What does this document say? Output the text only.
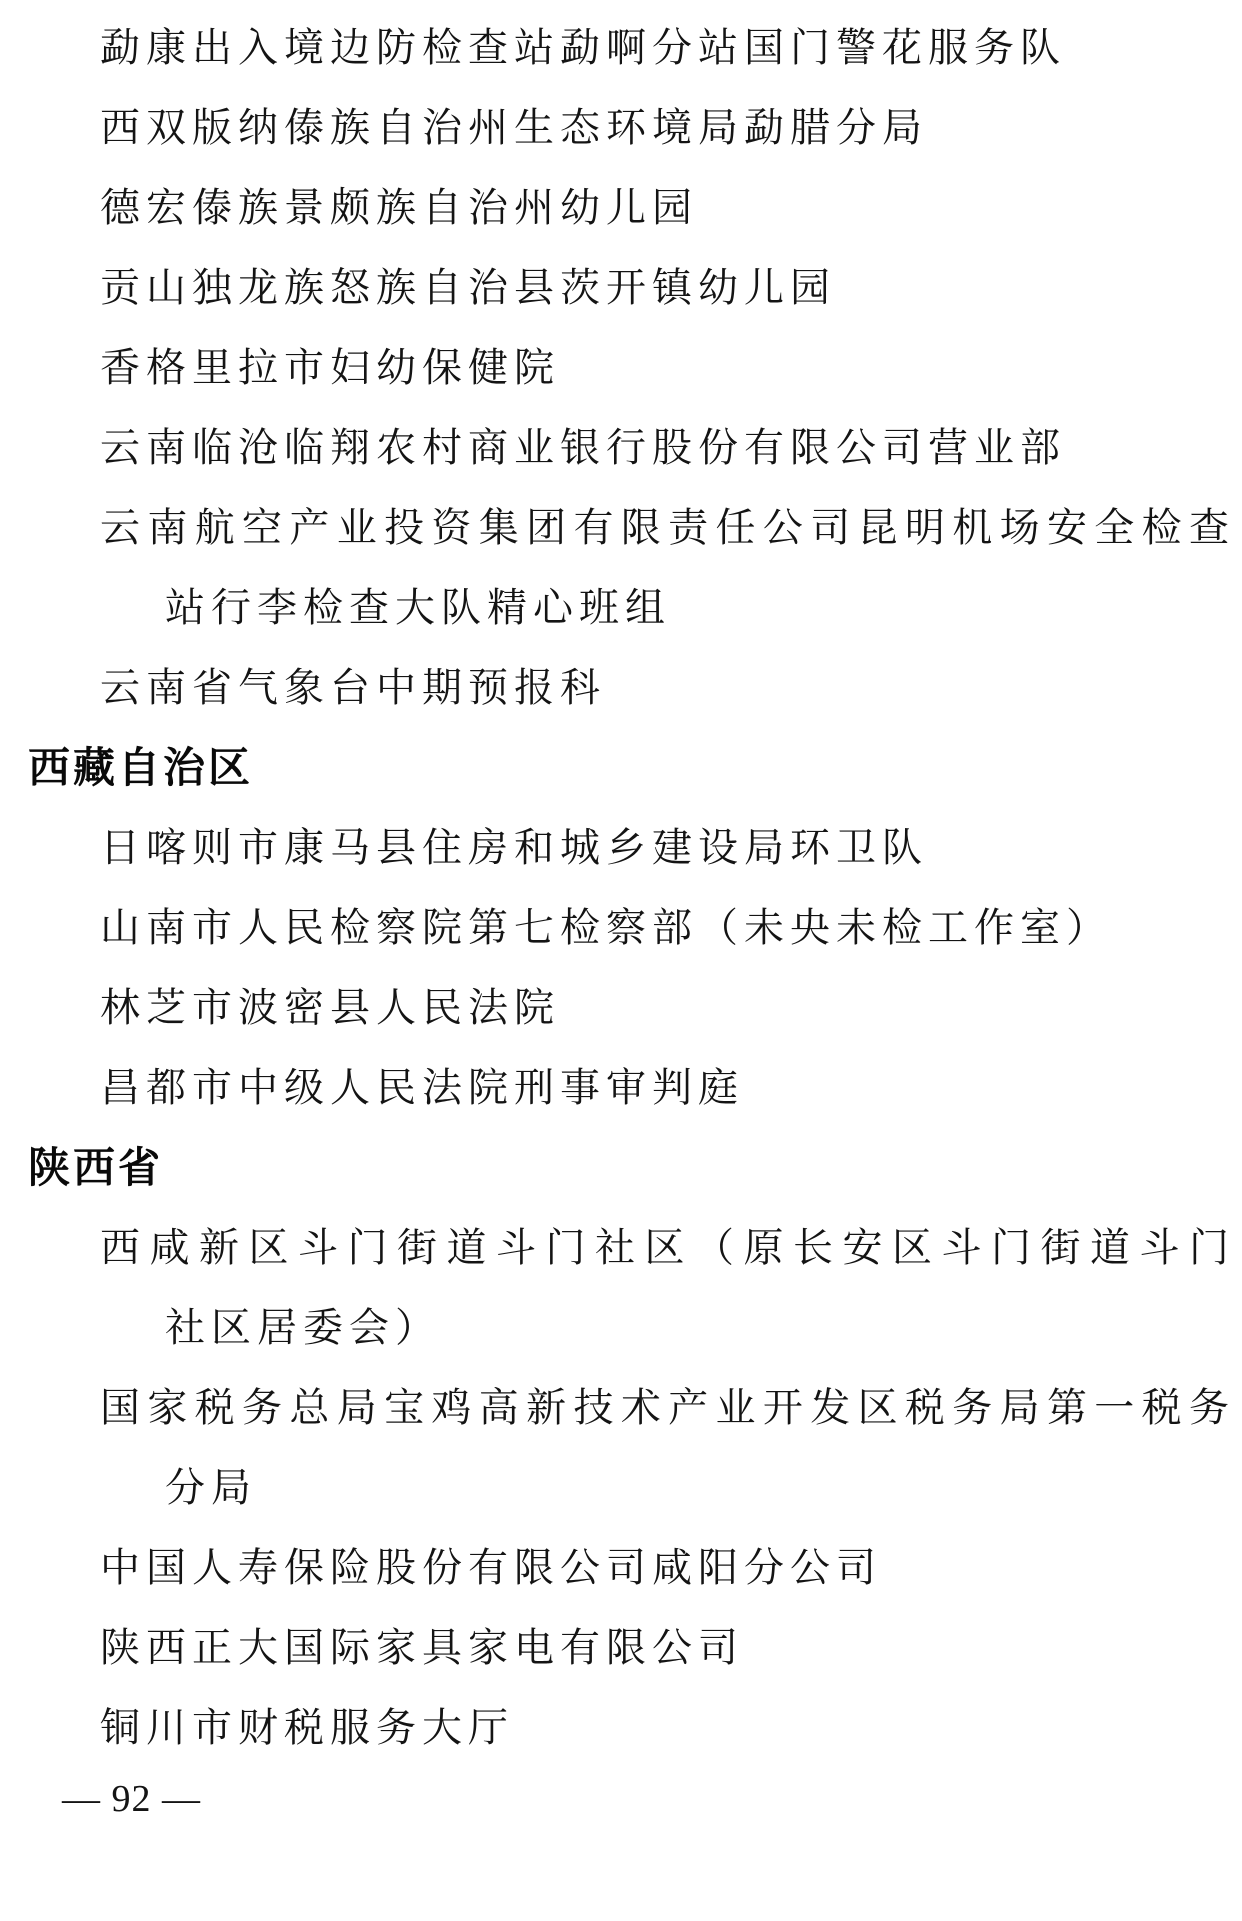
勐康出入境边防检查站勐啊分站国门警花服务队
西双版纳傣族自治州生态环境局勐腊分局
德宏傣族景颇族自治州幼儿园
贡山独龙族怒族自治县茨开镇幼儿园
香格里拉市妇幼保健院
云南临沧临翔农村商业银行股份有限公司营业部
云南航空产业投资集团有限责任公司昆明机场安全检查
站行李检查大队精心班组
云南省气象台中期预报科
西藏自治区
日喀则市康马县住房和城乡建设局环卫队
山南市人民检察院第七检察部（未央未检工作室）
林芝市波密县人民法院
昌都市中级人民法院刑事审判庭
陕西省
西咸新区斗门街道斗门社区（原长安区斗门街道斗门
社区居委会）
国家税务总局宝鸡高新技术产业开发区税务局第一税务
分局
中国人寿保险股份有限公司咸阳分公司
陕西正大国际家具家电有限公司
铜川市财税服务大厅
— 92 —
